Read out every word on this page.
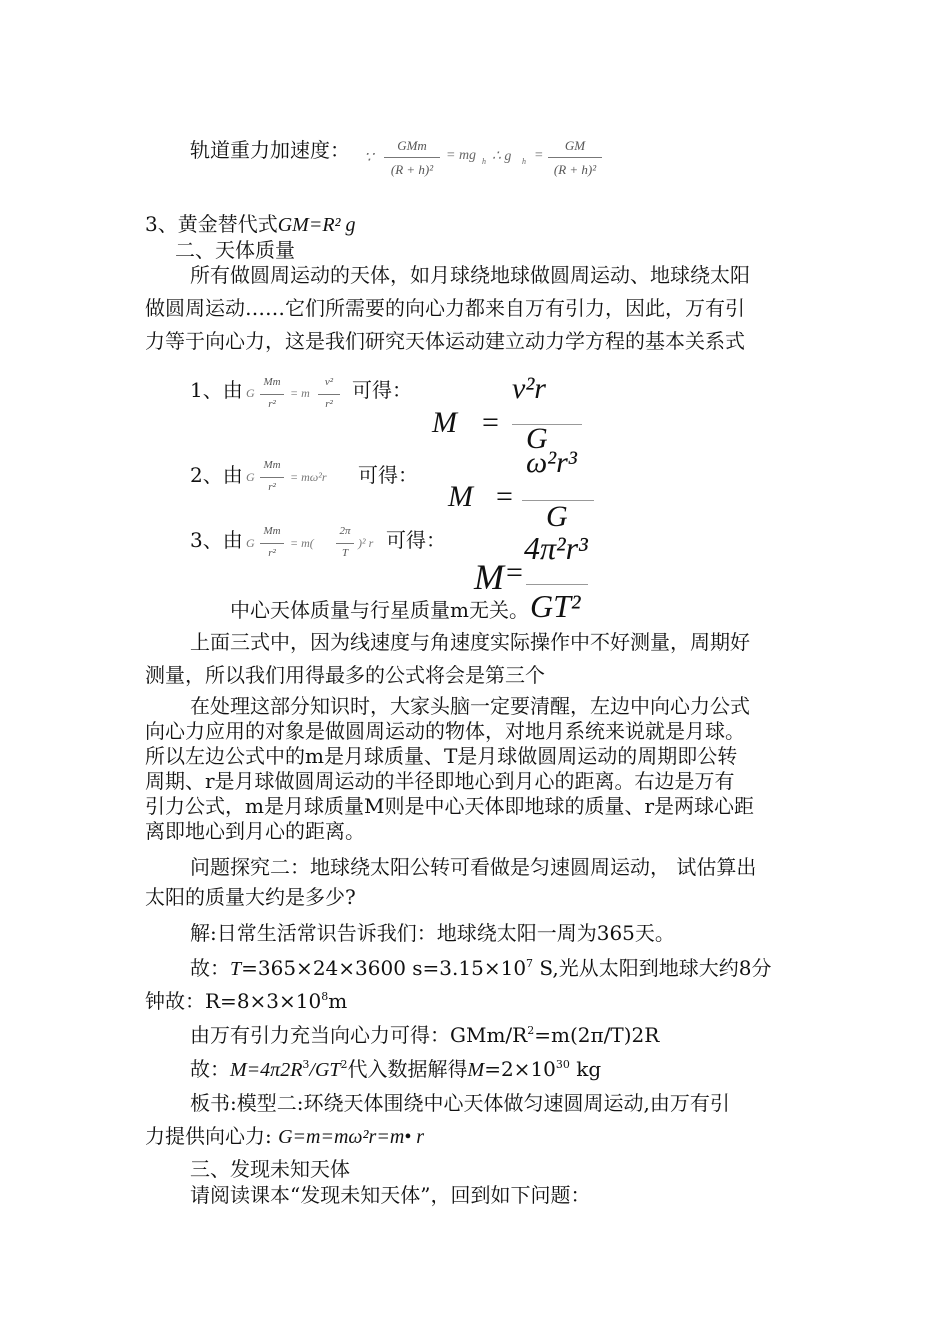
轨道重力加速度： ∵
GMm
(R + h)²
= mg h ∴ g h =
GM
(R + h)²
3、黄金替代式GM=R² g
二、天体质量
所有做圆周运动的天体，如月球绕地球做圆周运动、地球绕太阳
做圆周运动……它们所需要的向心力都来自万有引力，因此，万有引
力等于向心力，这是我们研究天体运动建立动力学方程的基本关系式
1、由 G
Mm
r²
= m
v²
r²
可得：
M =
v²r
G
2、由 G
Mm
r²
= mω²r 可得：
M =
ω²r³
G
3、由 G
Mm
r²
= m(
2π
T
)² r 可得：
M =
4π²r³
GT²
中心天体质量与行星质量m无关。
上面三式中，因为线速度与角速度实际操作中不好测量，周期好
测量，所以我们用得最多的公式将会是第三个
在处理这部分知识时，大家头脑一定要清醒，左边中向心力公式
向心力应用的对象是做圆周运动的物体，对地月系统来说就是月球。
所以左边公式中的m是月球质量、T是月球做圆周运动的周期即公转
周期、r是月球做圆周运动的半径即地心到月心的距离。右边是万有
引力公式，m是月球质量M则是中心天体即地球的质量、r是两球心距
离即地心到月心的距离。
问题探究二：地球绕太阳公转可看做是匀速圆周运动， 试估算出
太阳的质量大约是多少?
解:日常生活常识告诉我们：地球绕太阳一周为365天。
故：T=365×24×3600 $s=3.15\times 10^7$ S,光从太阳到地球大约8分
钟故：$R=8\times 3\times 10^8m$
由万有引力充当向心力可得：GMm/$R^2=m(2\pi/T)2R$
故：$M=4\pi 2R^3/GT^2$代入数据解得$M=2\times 10^{30}$ kg
板书:模型二:环绕天体围绕中心天体做匀速圆周运动,由万有引
力提供向心力: G=m=mω²r=m• r
三、发现未知天体
请阅读课本“发现未知天体”，回到如下问题：
